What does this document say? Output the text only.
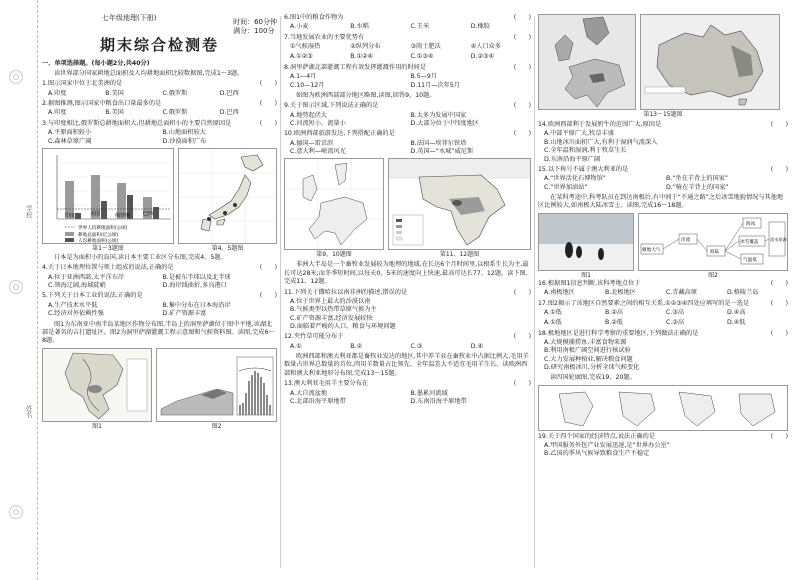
○
学校
○
姓名
○
七年级地理(下册)
期末综合检测卷
时间：60分钟
满分：100分
一、单项选择题。(每小题2分,共40分)
读世界部分国家耕地总面积及人均耕地面积比较数据图,完成1～3题。
1.图示国家中位于北美洲的是	(　　)
A.印度	B.美国	C.俄罗斯	D.巴西
2.据图推测,图示国家中粮食出口量最多的是	(　　)
A.印度	B.美国	C.俄罗斯	D.巴西
3.与印度相比,俄罗斯总耕地面积大,但耕地总面积小的主要自然原因是	(　　)
A.平原面积较小	B.山地面积较大
C.森林草原广阔	D.沙漠面积广布
印度	美国	俄罗斯	巴西
世界人均耕地面积(公顷)
耕地总面积(亿公顷)
人均耕地面积(公顷)
第1～3题图	第4、5题图
日本是为面积小的岛国,读日本主要工业区分布图,完成4、5题。
4.关于日本地理位置与领土组成的说法,正确的是	(　　)
A.位于亚洲西部,太平洋东岸	B.是被东半球以及北半球
C.领海辽阔,海域陡峭	D.海岸线曲折,多良港口
5.下列关于日本工业的说法,正确的是	(　　)
A.生产技术水平低	B.集中分布在日本海沿岸
C.经济对外依赖性强	D.矿产资源丰富
图1为东南亚中南半岛某地区作物分布图,半岛上的洞里萨湖位于图中平地,该湖北部是著名的吉打遗址区。图2为洞里萨湖灌溉工程示意图和气候资料图。读图,完成6～8题。
图1	图2
6.图1中的粮食作物为	(　　)
A.小麦	B.水稻	C.玉米	D.橡胶
7.当地发展农业的主要优势有	(　　)
①气候湿热	②纵列分布	③雨土肥沃	④人口众多
A.①②③	B.①②④	C.①③④	D.②③④
8.洞里萨湖北部灌溉工程有效发挥灌溉作用的时间是	(　　)
A.1—4月	B.5—9月
C.10—12月	D.11月—次年5月
如图为欧洲西部部分地区略图,读图,回答9、10题。
9.关于图示区域,下列说法正确的是	(　　)
A.地势起伏大	B.太多为发展中国家
C.河流短小、流量小	D.大部分位于中纬度地区
10.欧洲西部旅游发达,下列搭配正确的是	(　　)
A.德国—雷京滨	B.法国—埃菲尔铁塔
C.意大利—峡湾风光	D.英国—“水城”威尼斯
第9、10题图	第11、12题图
非洲大半岛是一个畜牧业发展较为地理的地域,在长达6个月时间里,以根系生长为主,最长可达28米;而冬季短时间,以每天0、5米的速度向上快速,最高可达长77、12题。读下图,完成11、12题。
11.下列关于撒哈拉以南非洲的描述,错误的是	(　　)
A.位于世界上最大的沙漠以南
B.气候类型以热带草原气候为主
C.矿产资源丰富,经济发展较快
D.面临着严峻的人口、粮食与环境问题
12.夹竹草可能分布于	(　　)
A.①	B.②	C.③	D.④
欧洲西部和澳大利亚都是畜牧业发达的地区,其中养羊业在畜牧业中占据比例大,毛用羊数量占世界总数量的首位,肉用羊数量占比领先、全年温差大不适宜毛用羊生长。读欧洲西部和澳大利亚地形分布图,完成13～15题。
13.澳大利亚毛用羊主要分布在	(　　)
A.大自流盆地	B.墨累河流域
C.北部沿海平原地带	D.东南沿海平原地带
第13～15题图
14.欧洲西部利于发展奶牛的范围广大,原因是	(　　)
A.中部平原广大,牧草丰盛
B.山地冰川面积广大,有利于湿润气流深入
C.全年温和湿润,利于牧草生长
D.东南沿海平原广阔
15.以下称号不属于澳大利亚的是	(　　)
A.“世界活化石博物馆”	B.“坐在羊背上的国家”
C.“世界加油站”	D.“骑在羊背上的国家”
在某科考途中,科考队员在到达南极后,有中间于“不通之路”之后冰雪地貌情况与其他地区比例较大,如南极大陆冰雪上。读图,完成16～18题。
图1
极地大气
洋流
海陆
海冰
冰雪覆盖
气温低
淡水资源
图2
16.根据图1信息判断,该科考地点位于	(　　)
A.南极地区	B.北极地区	C.青藏高原	D.格陵兰岛
17.图2揭示了该地区自然要素之间的相互关系,①②③④四处应填写的是一选是	(　　)
A.①低	B.②高	C.③高	D.④高
A.①低	B.②低	C.③高	D.④低
18.极地地区是进行科学考察的重要地区,下列做法正确的是	(　　)
A.大规模捕捞鱼,丰富食物来源
B.利用南极广阔空间进行核试验
C.大力发展种植业,解决粮食问题
D.研究南极冰川,分析全球气候变化
读四国轮廓图,完成19、20题。
19.关于四个国家的经济特点,说法正确的是	(　　)
A.甲国服务外包产业发展迅速,是“世界办公室”
B.乙国的季风气候导致粮食生产不稳定
